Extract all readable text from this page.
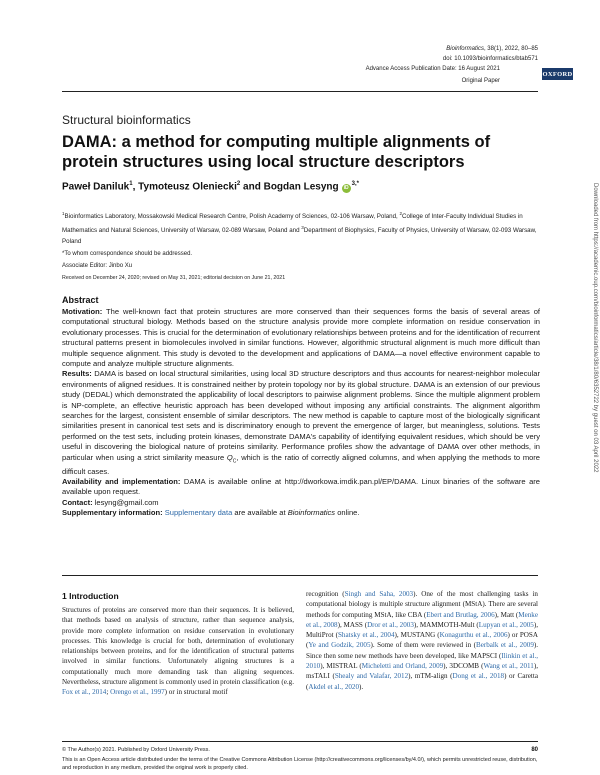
Bioinformatics, 38(1), 2022, 80–85
doi: 10.1093/bioinformatics/btab571
Advance Access Publication Date: 16 August 2021
Original Paper
OXFORD
Structural bioinformatics
DAMA: a method for computing multiple alignments of protein structures using local structure descriptors
Paweł Daniluk$^1$, Tymoteusz Oleniecki$^2$ and Bogdan Lesyng $iD^{3,*}$
$^1$Bioinformatics Laboratory, Mossakowski Medical Research Centre, Polish Academy of Sciences, 02-106 Warsaw, Poland, $^2$College of Inter-Faculty Individual Studies in Mathematics and Natural Sciences, University of Warsaw, 02-089 Warsaw, Poland and $^3$Department of Biophysics, Faculty of Physics, University of Warsaw, 02-093 Warsaw, Poland
*To whom correspondence should be addressed.
Associate Editor: Jinbo Xu
Received on December 24, 2020; revised on May 31, 2021; editorial decision on June 21, 2021
Abstract

Motivation: The well-known fact that protein structures are more conserved than their sequences forms the basis of several areas of computational structural biology. Methods based on the structure analysis provide more complete information on residue conservation in evolutionary processes. This is crucial for the determination of evolutionary relationships between proteins and for the identification of recurrent structural patterns present in biomolecules involved in similar functions. However, algorithmic structural alignment is much more difficult than multiple sequence alignment. This study is devoted to the development and applications of DAMA—a novel effective environment capable to compute and analyze multiple structure alignments.

Results: DAMA is based on local structural similarities, using local 3D structure descriptors and thus accounts for nearest-neighbor molecular environments of aligned residues. It is constrained neither by protein topology nor by its global structure. DAMA is an extension of our previous study (DEDAL) which demonstrated the applicability of local descriptors to pairwise alignment problems. Since the multiple alignment problem is NP-complete, an effective heuristic approach has been developed without imposing any artificial constraints. The alignment algorithm searches for the largest, consistent ensemble of similar descriptors. The new method is capable to capture most of the biologically significant similarities present in canonical test sets and is discriminatory enough to prevent the emergence of larger, but meaningless, solutions. Tests performed on the test sets, including protein kinases, demonstrate DAMA's capability of identifying equivalent residues, which should be very useful in discovering the biological nature of proteins similarity. Performance profiles show the advantage of DAMA over other methods, in particular when using a strict similarity measure $Q_C$, which is the ratio of correctly aligned columns, and when applying the methods to more difficult cases.

Availability and implementation: DAMA is available online at http://dworkowa.imdik.pan.pl/EP/DAMA. Linux binaries of the software are available upon request.

Contact: lesyng@gmail.com

Supplementary information: Supplementary data are available at Bioinformatics online.

1 Introduction

Structures of proteins are conserved more than their sequences. It is believed, that methods based on analysis of structure, rather than sequence analysis, provide more complete information on residue conservation in evolutionary processes. This knowledge is crucial for both, determination of evolutionary relationships between proteins, and for the identification of structural patterns involved in similar functions. Unfortunately aligning structures is a computationally much more demanding task than aligning sequences. Nevertheless, structure alignment is commonly used in protein classification (e.g. Fox et al., 2014; Orengo et al., 1997) or in structural motif

recognition (Singh and Saha, 2003). One of the most challenging tasks in computational biology is multiple structure alignment (MStA). There are several methods for computing MStA, like CBA (Ebert and Brutlag, 2006), Matt (Menke et al., 2008), MASS (Dror et al., 2003), MAMMOTH-Mult (Lupyan et al., 2005), MultiProt (Shatsky et al., 2004), MUSTANG (Konagurthu et al., 2006) or POSA (Ye and Godzik, 2005). Some of them were reviewed in (Berbalk et al., 2009). Since then some new methods have been developed, like MAPSCI (Ilinkin et al., 2010), MISTRAL (Micheletti and Orland, 2009), 3DCOMB (Wang et al., 2011), msTALI (Shealy and Valafar, 2012), mTM-align (Dong et al., 2018) or Caretta (Akdel et al., 2020).

© The Author(s) 2021. Published by Oxford University Press.	80
This is an Open Access article distributed under the terms of the Creative Commons Attribution License (http://creativecommons.org/licenses/by/4.0/), which permits unrestricted reuse, distribution, and reproduction in any medium, provided the original work is properly cited.
Downloaded from https://academic.oup.com/bioinformatics/article/38/1/80/6352722 by guest on 03 April 2022
